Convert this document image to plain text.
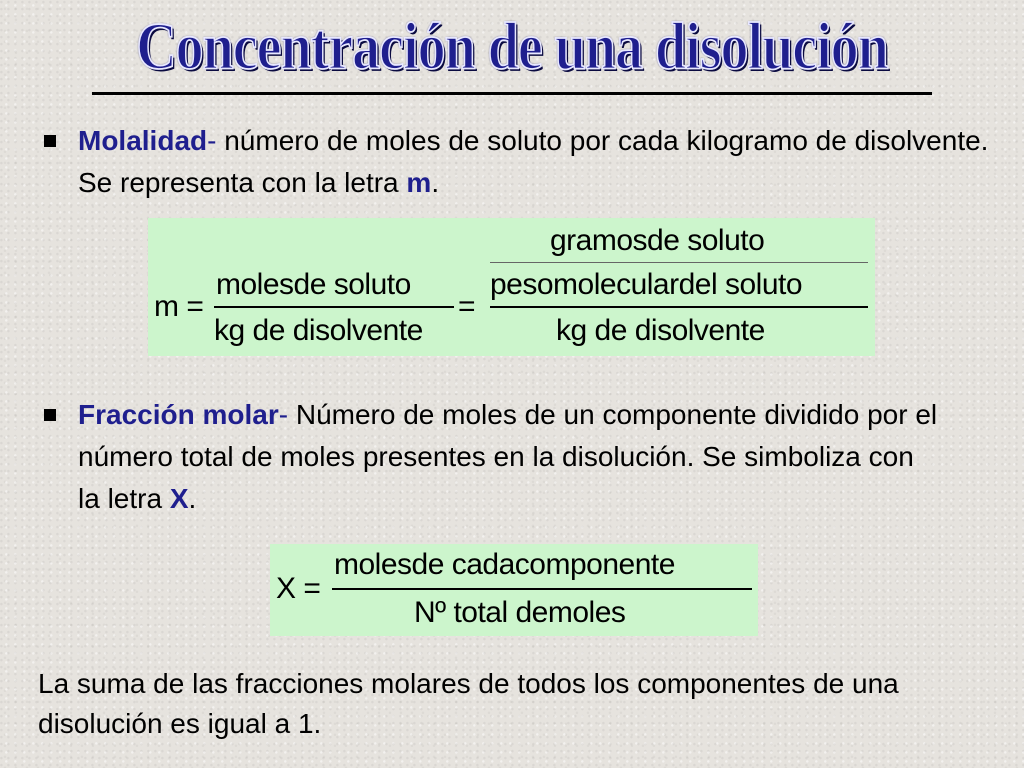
Concentración de una disolución
Molalidad- número de moles de soluto por cada kilogramo de disolvente. Se representa con la letra m.
m =
molesde soluto
kg de disolvente
=
gramosde soluto
pesomoleculardel soluto
kg de disolvente
Fracción molar- Número de moles de un componente dividido por el número total de moles presentes en la disolución. Se simboliza con la letra X.
X =
molesde cadacomponente
Nº total demoles

La suma de las fracciones molares de todos los componentes de una disolución es igual a 1.
